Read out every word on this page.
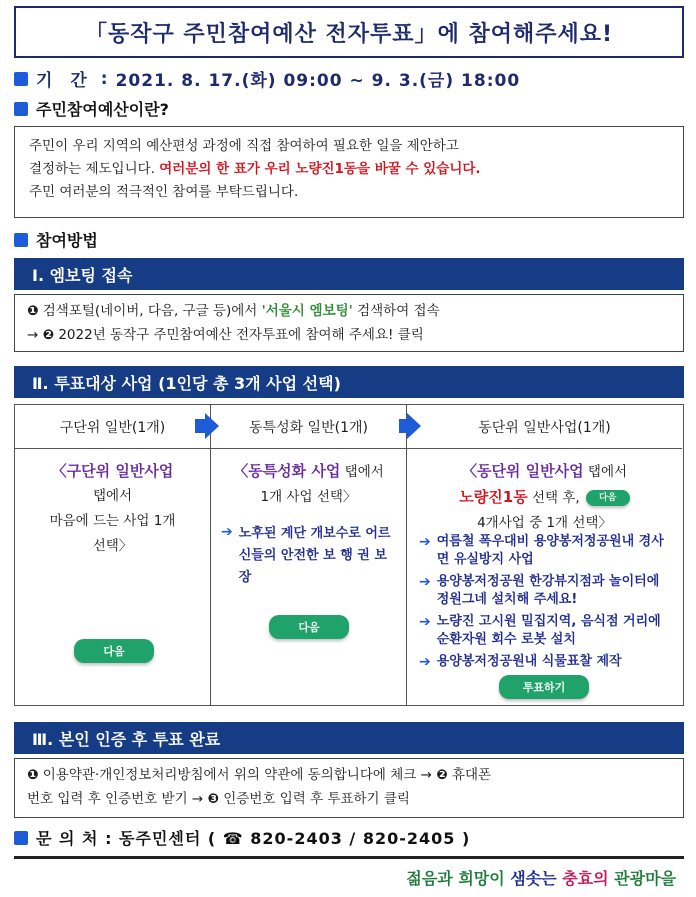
「동작구 주민참여예산 전자투표」에 참여해주세요!
기 간 : 2021. 8. 17.(화) 09:00 ~ 9. 3.(금) 18:00
주민참여예산이란?
주민이 우리 지역의 예산편성 과정에 직접 참여하여 필요한 일을 제안하고
결정하는 제도입니다. 여러분의 한 표가 우리 노량진1동을 바꿀 수 있습니다.
주민 여러분의 적극적인 참여를 부탁드립니다.
참여방법
Ⅰ. 엠보팅 접속
❶ 검색포털(네이버, 다음, 구글 등)에서 '서울시 엠보팅' 검색하여 접속
→ ❷ 2022년 동작구 주민참여예산 전자투표에 참여해 주세요! 클릭
Ⅱ. 투표대상 사업 (1인당 총 3개 사업 선택)
구단위 일반(1개)
〈구단위 일반사업
탭에서
마음에 드는 사업 1개
선택〉
다음
동특성화 일반(1개)
〈동특성화 사업 탭에서
1개 사업 선택〉
➔ 노후된 계단 개보수로 어르신들의 안전한 보 행 권 보 장
다음
동단위 일반사업(1개)
〈동단위 일반사업 탭에서
노량진1동 선택 후, 다음
4개사업 중 1개 선택〉
➔ 여름철 폭우대비 용양봉저정공원내 경사면 유실방지 사업
➔ 용양봉저정공원 한강뷰지점과 놀이터에 정원그네 설치해 주세요!
➔ 노량진 고시원 밀집지역, 음식점 거리에 순환자원 회수 로봇 설치
➔ 용양봉저정공원내 식물표찰 제작
투표하기
Ⅲ. 본인 인증 후 투표 완료
❶ 이용약관·개인정보처리방침에서 위의 약관에 동의합니다에 체크 → ❷ 휴대폰
번호 입력 후 인증번호 받기 → ❸ 인증번호 입력 후 투표하기 클릭
문 의 처 : 동주민센터 ( ☎ 820-2403 / 820-2405 )
젊음과 희망이 샘솟는 충효의 관광마을
